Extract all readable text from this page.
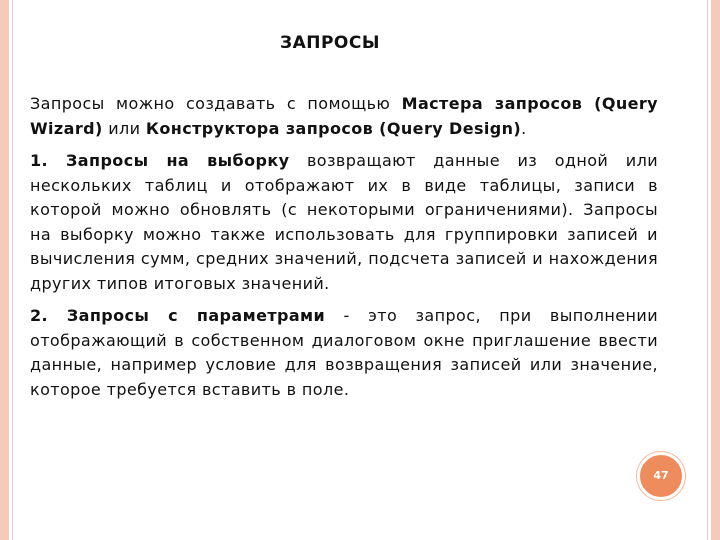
ЗАПРОСЫ

Запросы можно создавать с помощью Мастера запросов (Query Wizard) или Конструктора запросов (Query Design).

1. Запросы на выборку возвращают данные из одной или нескольких таблиц и отображают их в виде таблицы, записи в которой можно обновлять (с некоторыми ограничениями). Запросы на выборку можно также использовать для группировки записей и вычисления сумм, средних значений, подсчета записей и нахождения других типов итоговых значений.

2. Запросы с параметрами - это запрос, при выполнении отображающий в собственном диалоговом окне приглашение ввести данные, например условие для возвращения записей или значение, которое требуется вставить в поле.

47
